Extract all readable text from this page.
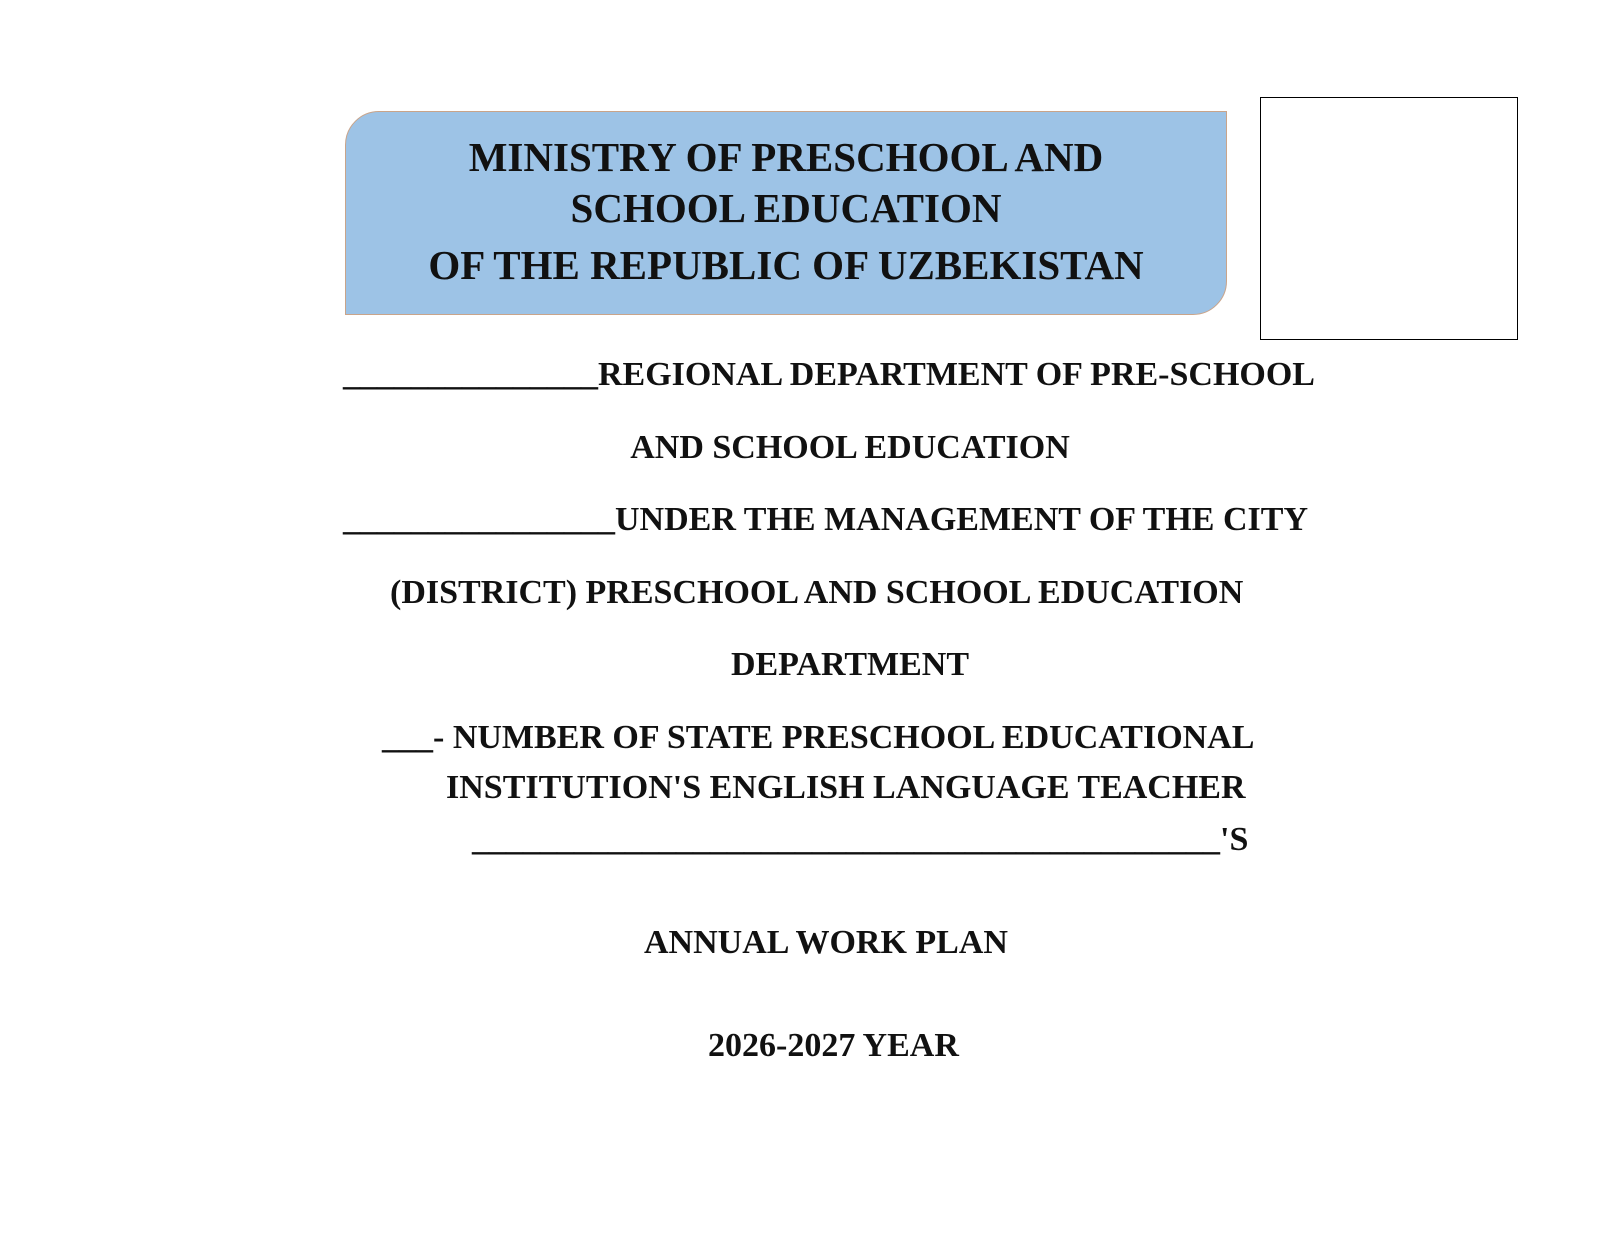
MINISTRY OF PRESCHOOL AND
SCHOOL EDUCATION
OF THE REPUBLIC OF UZBEKISTAN
_______________REGIONAL DEPARTMENT OF PRE-SCHOOL
AND SCHOOL EDUCATION
________________UNDER THE MANAGEMENT OF THE CITY
(DISTRICT) PRESCHOOL AND SCHOOL EDUCATION
DEPARTMENT
___- NUMBER OF STATE PRESCHOOL EDUCATIONAL
INSTITUTION'S ENGLISH LANGUAGE TEACHER
____________________________________________'S
ANNUAL WORK PLAN
2026-2027 YEAR
